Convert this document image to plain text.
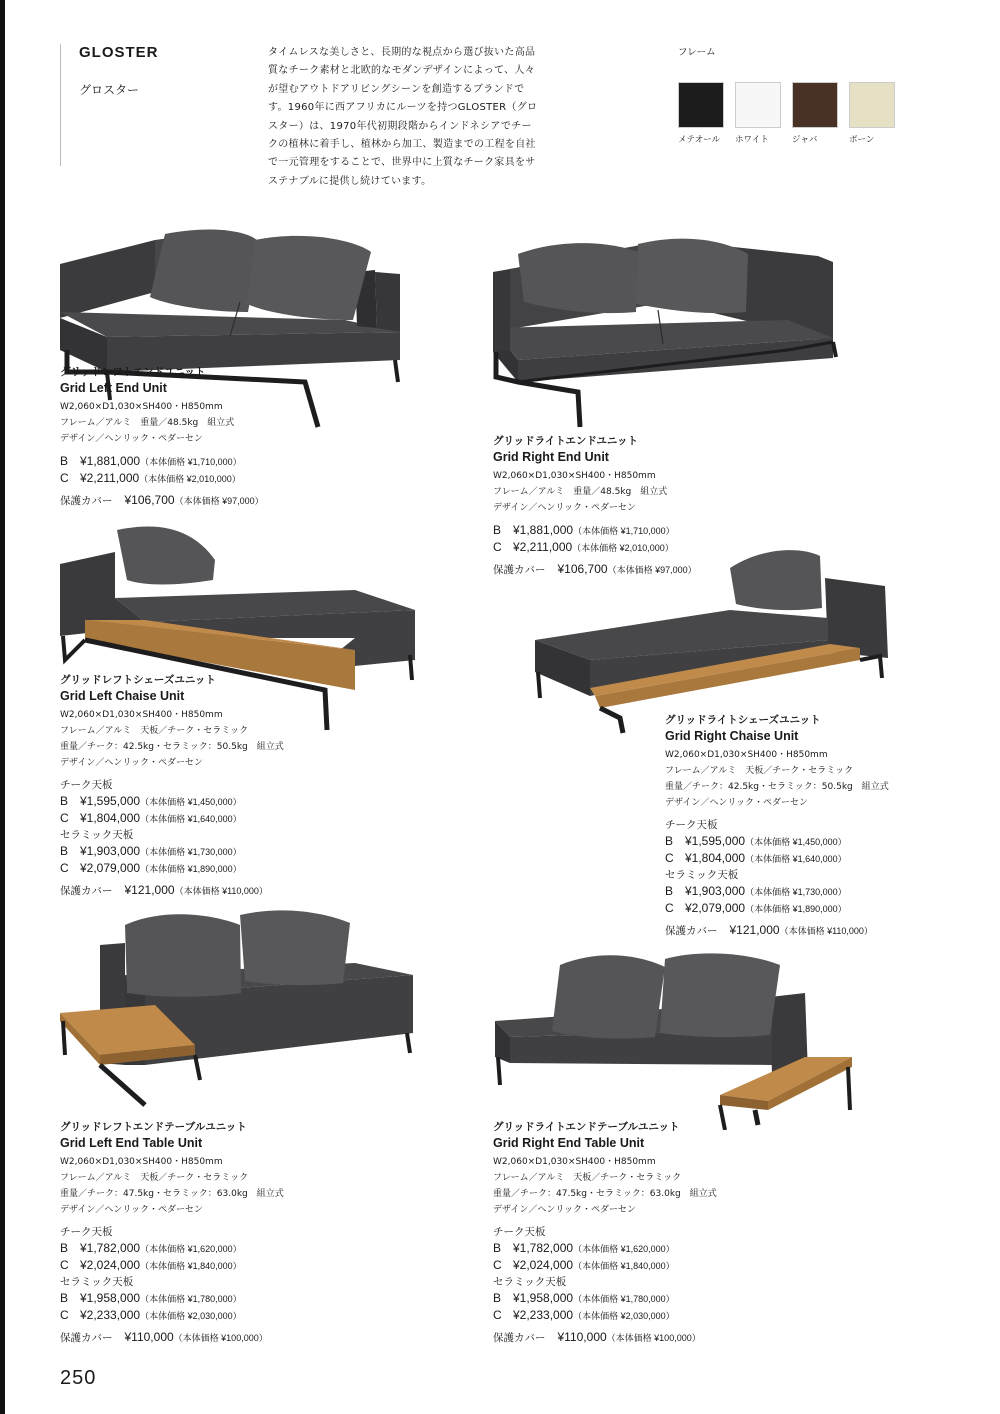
GLOSTER

グロスター
タイムレスな美しさと、長期的な視点から選び抜いた高品質なチーク素材と北欧的なモダンデザインによって、人々が望むアウトドアリビングシーンを創造するブランドです。1960年に西アフリカにルーツを持つGLOSTER（グロスター）は、1970年代初期段階からインドネシアでチークの植林に着手し、植林から加工、製造までの工程を自社で一元管理をすることで、世界中に上質なチーク家具をサステナブルに提供し続けています。
フレーム
メテオール	ホワイト	ジャバ	ボーン

グリッドレフトエンドユニット

Grid Left End Unit

W2,060×D1,030×SH400・H850mm

フレーム／アルミ　重量／48.5kg　組立式

デザイン／ヘンリック・ペダーセン

B ¥1,881,000（本体価格 ¥1,710,000）
C ¥2,211,000（本体価格 ¥2,010,000）
保護カバー ¥106,700（本体価格 ¥97,000）

グリッドライトエンドユニット

Grid Right End Unit

W2,060×D1,030×SH400・H850mm

フレーム／アルミ　重量／48.5kg　組立式

デザイン／ヘンリック・ペダーセン

B ¥1,881,000（本体価格 ¥1,710,000）
C ¥2,211,000（本体価格 ¥2,010,000）
保護カバー ¥106,700（本体価格 ¥97,000）

グリッドレフトシェーズユニット

Grid Left Chaise Unit

W2,060×D1,030×SH400・H850mm

フレーム／アルミ　天板／チーク・セラミック

重量／チーク：42.5kg・セラミック：50.5kg　組立式

デザイン／ヘンリック・ペダーセン

チーク天板
B ¥1,595,000（本体価格 ¥1,450,000）
C ¥1,804,000（本体価格 ¥1,640,000）
セラミック天板
B ¥1,903,000（本体価格 ¥1,730,000）
C ¥2,079,000（本体価格 ¥1,890,000）
保護カバー ¥121,000（本体価格 ¥110,000）

グリッドライトシェーズユニット

Grid Right Chaise Unit

W2,060×D1,030×SH400・H850mm

フレーム／アルミ　天板／チーク・セラミック

重量／チーク：42.5kg・セラミック：50.5kg　組立式

デザイン／ヘンリック・ペダーセン

チーク天板
B ¥1,595,000（本体価格 ¥1,450,000）
C ¥1,804,000（本体価格 ¥1,640,000）
セラミック天板
B ¥1,903,000（本体価格 ¥1,730,000）
C ¥2,079,000（本体価格 ¥1,890,000）
保護カバー ¥121,000（本体価格 ¥110,000）

グリッドレフトエンドテーブルユニット

Grid Left End Table Unit

W2,060×D1,030×SH400・H850mm

フレーム／アルミ　天板／チーク・セラミック

重量／チーク：47.5kg・セラミック：63.0kg　組立式

デザイン／ヘンリック・ペダーセン

チーク天板
B ¥1,782,000（本体価格 ¥1,620,000）
C ¥2,024,000（本体価格 ¥1,840,000）
セラミック天板
B ¥1,958,000（本体価格 ¥1,780,000）
C ¥2,233,000（本体価格 ¥2,030,000）
保護カバー ¥110,000（本体価格 ¥100,000）

グリッドライトエンドテーブルユニット

Grid Right End Table Unit

W2,060×D1,030×SH400・H850mm

フレーム／アルミ　天板／チーク・セラミック

重量／チーク：47.5kg・セラミック：63.0kg　組立式

デザイン／ヘンリック・ペダーセン

チーク天板
B ¥1,782,000（本体価格 ¥1,620,000）
C ¥2,024,000（本体価格 ¥1,840,000）
セラミック天板
B ¥1,958,000（本体価格 ¥1,780,000）
C ¥2,233,000（本体価格 ¥2,030,000）
保護カバー ¥110,000（本体価格 ¥100,000）
250
